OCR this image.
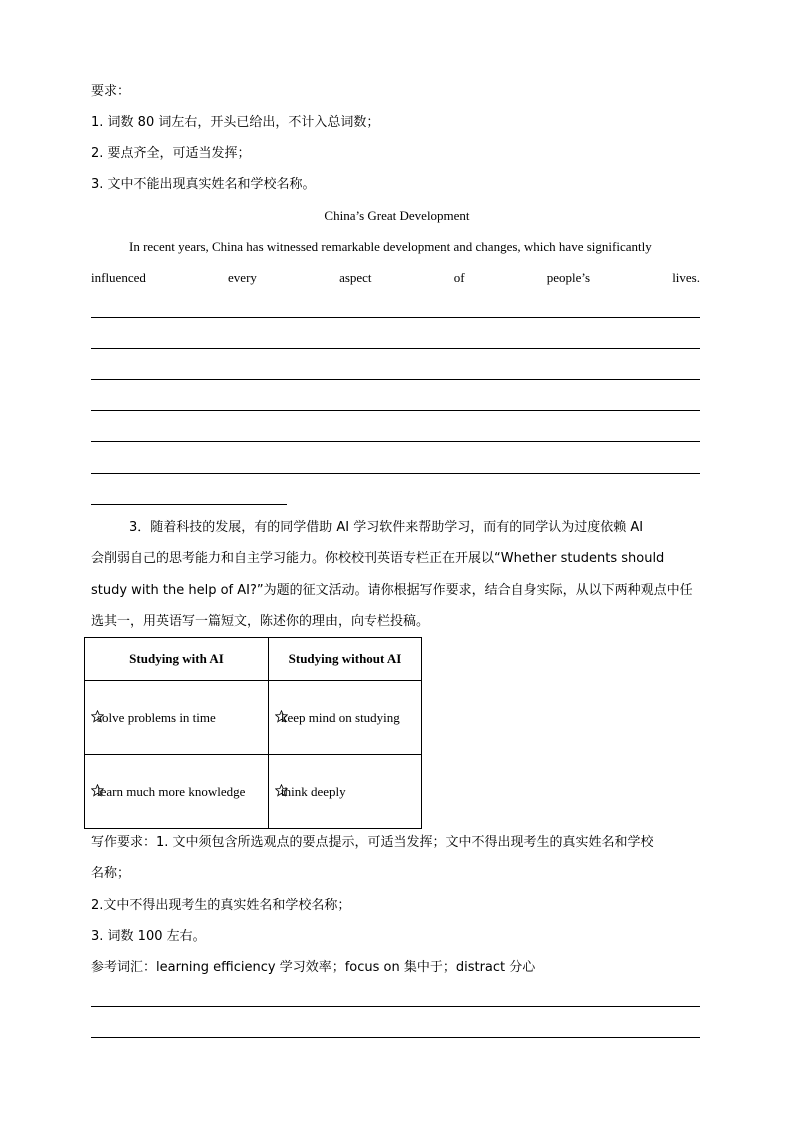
要求：
1. 词数 80 词左右，开头已给出，不计入总词数；
2. 要点齐全，可适当发挥；
3. 文中不能出现真实姓名和学校名称。
China’s Great Development
In recent years, China has witnessed remarkable development and changes, which have significantly
influenced	every	aspect	of	people’s	lives.
3．随着科技的发展，有的同学借助 AI 学习软件来帮助学习，而有的同学认为过度依赖 AI
会削弱自己的思考能力和自主学习能力。你校校刊英语专栏正在开展以“Whether students should
study with the help of AI?”为题的征文活动。请你根据写作要求，结合自身实际，从以下两种观点中任
选其一，用英语写一篇短文，陈述你的理由，向专栏投稿。
Studying with AI	Studying without AI
solve problems in time	keep mind on studying
learn much more knowledge	think deeply
写作要求：1. 文中须包含所选观点的要点提示，可适当发挥；文中不得出现考生的真实姓名和学校
名称；
2.文中不得出现考生的真实姓名和学校名称；
3. 词数 100 左右。
参考词汇：learning efficiency 学习效率；focus on 集中于；distract 分心
